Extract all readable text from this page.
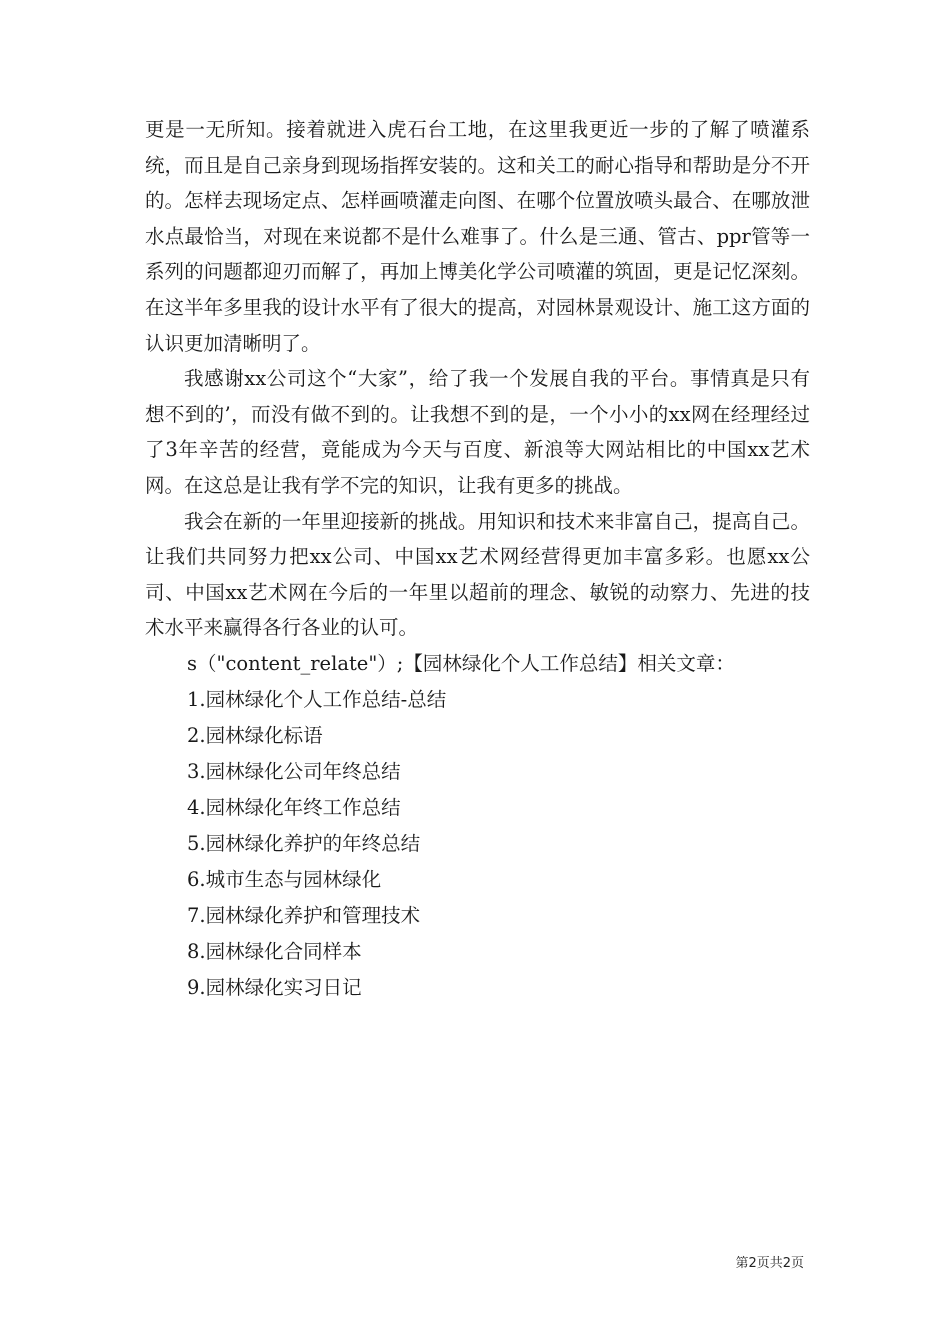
更是一无所知。接着就进入虎石台工地，在这里我更近一步的了解了喷灌系统，而且是自己亲身到现场指挥安装的。这和关工的耐心指导和帮助是分不开的。怎样去现场定点、怎样画喷灌走向图、在哪个位置放喷头最合、在哪放泄水点最恰当，对现在来说都不是什么难事了。什么是三通、管古、ppr管等一系列的问题都迎刃而解了，再加上博美化学公司喷灌的筑固，更是记忆深刻。在这半年多里我的设计水平有了很大的提高，对园林景观设计、施工这方面的认识更加清晰明了。

我感谢xx公司这个“大家”，给了我一个发展自我的平台。事情真是只有想不到的’，而没有做不到的。让我想不到的是，一个小小的xx网在经理经过了3年辛苦的经营，竟能成为今天与百度、新浪等大网站相比的中国xx艺术网。在这总是让我有学不完的知识，让我有更多的挑战。

我会在新的一年里迎接新的挑战。用知识和技术来非富自己，提高自己。让我们共同努力把xx公司、中国xx艺术网经营得更加丰富多彩。也愿xx公司、中国xx艺术网在今后的一年里以超前的理念、敏锐的动察力、先进的技术水平来赢得各行各业的认可。

s（"content_relate"）;【园林绿化个人工作总结】相关文章：

1.园林绿化个人工作总结-总结
2.园林绿化标语
3.园林绿化公司年终总结
4.园林绿化年终工作总结
5.园林绿化养护的年终总结
6.城市生态与园林绿化
7.园林绿化养护和管理技术
8.园林绿化合同样本
9.园林绿化实习日记
第2页共2页
